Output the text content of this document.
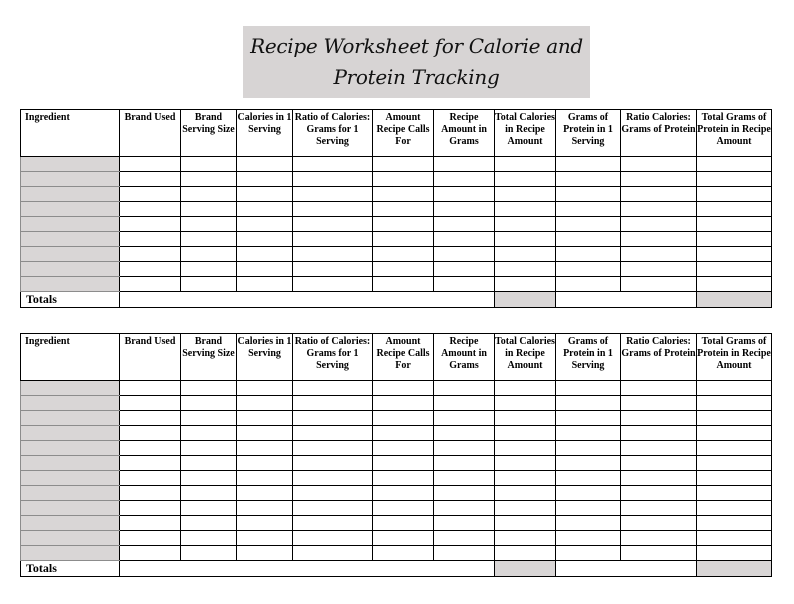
Recipe Worksheet for Calorie and
Protein Tracking
Ingredient	Brand Used	Brand Serving Size	Calories in 1 Serving	Ratio of Calories: Grams for 1 Serving	Amount Recipe Calls For	Recipe Amount in Grams	Total Calories in Recipe Amount	Grams of Protein in 1 Serving	Ratio Calories: Grams of Protein	Total Grams of Protein in Recipe Amount

Totals										
Ingredient	Brand Used	Brand Serving Size	Calories in 1 Serving	Ratio of Calories: Grams for 1 Serving	Amount Recipe Calls For	Recipe Amount in Grams	Total Calories in Recipe Amount	Grams of Protein in 1 Serving	Ratio Calories: Grams of Protein	Total Grams of Protein in Recipe Amount

Totals										
